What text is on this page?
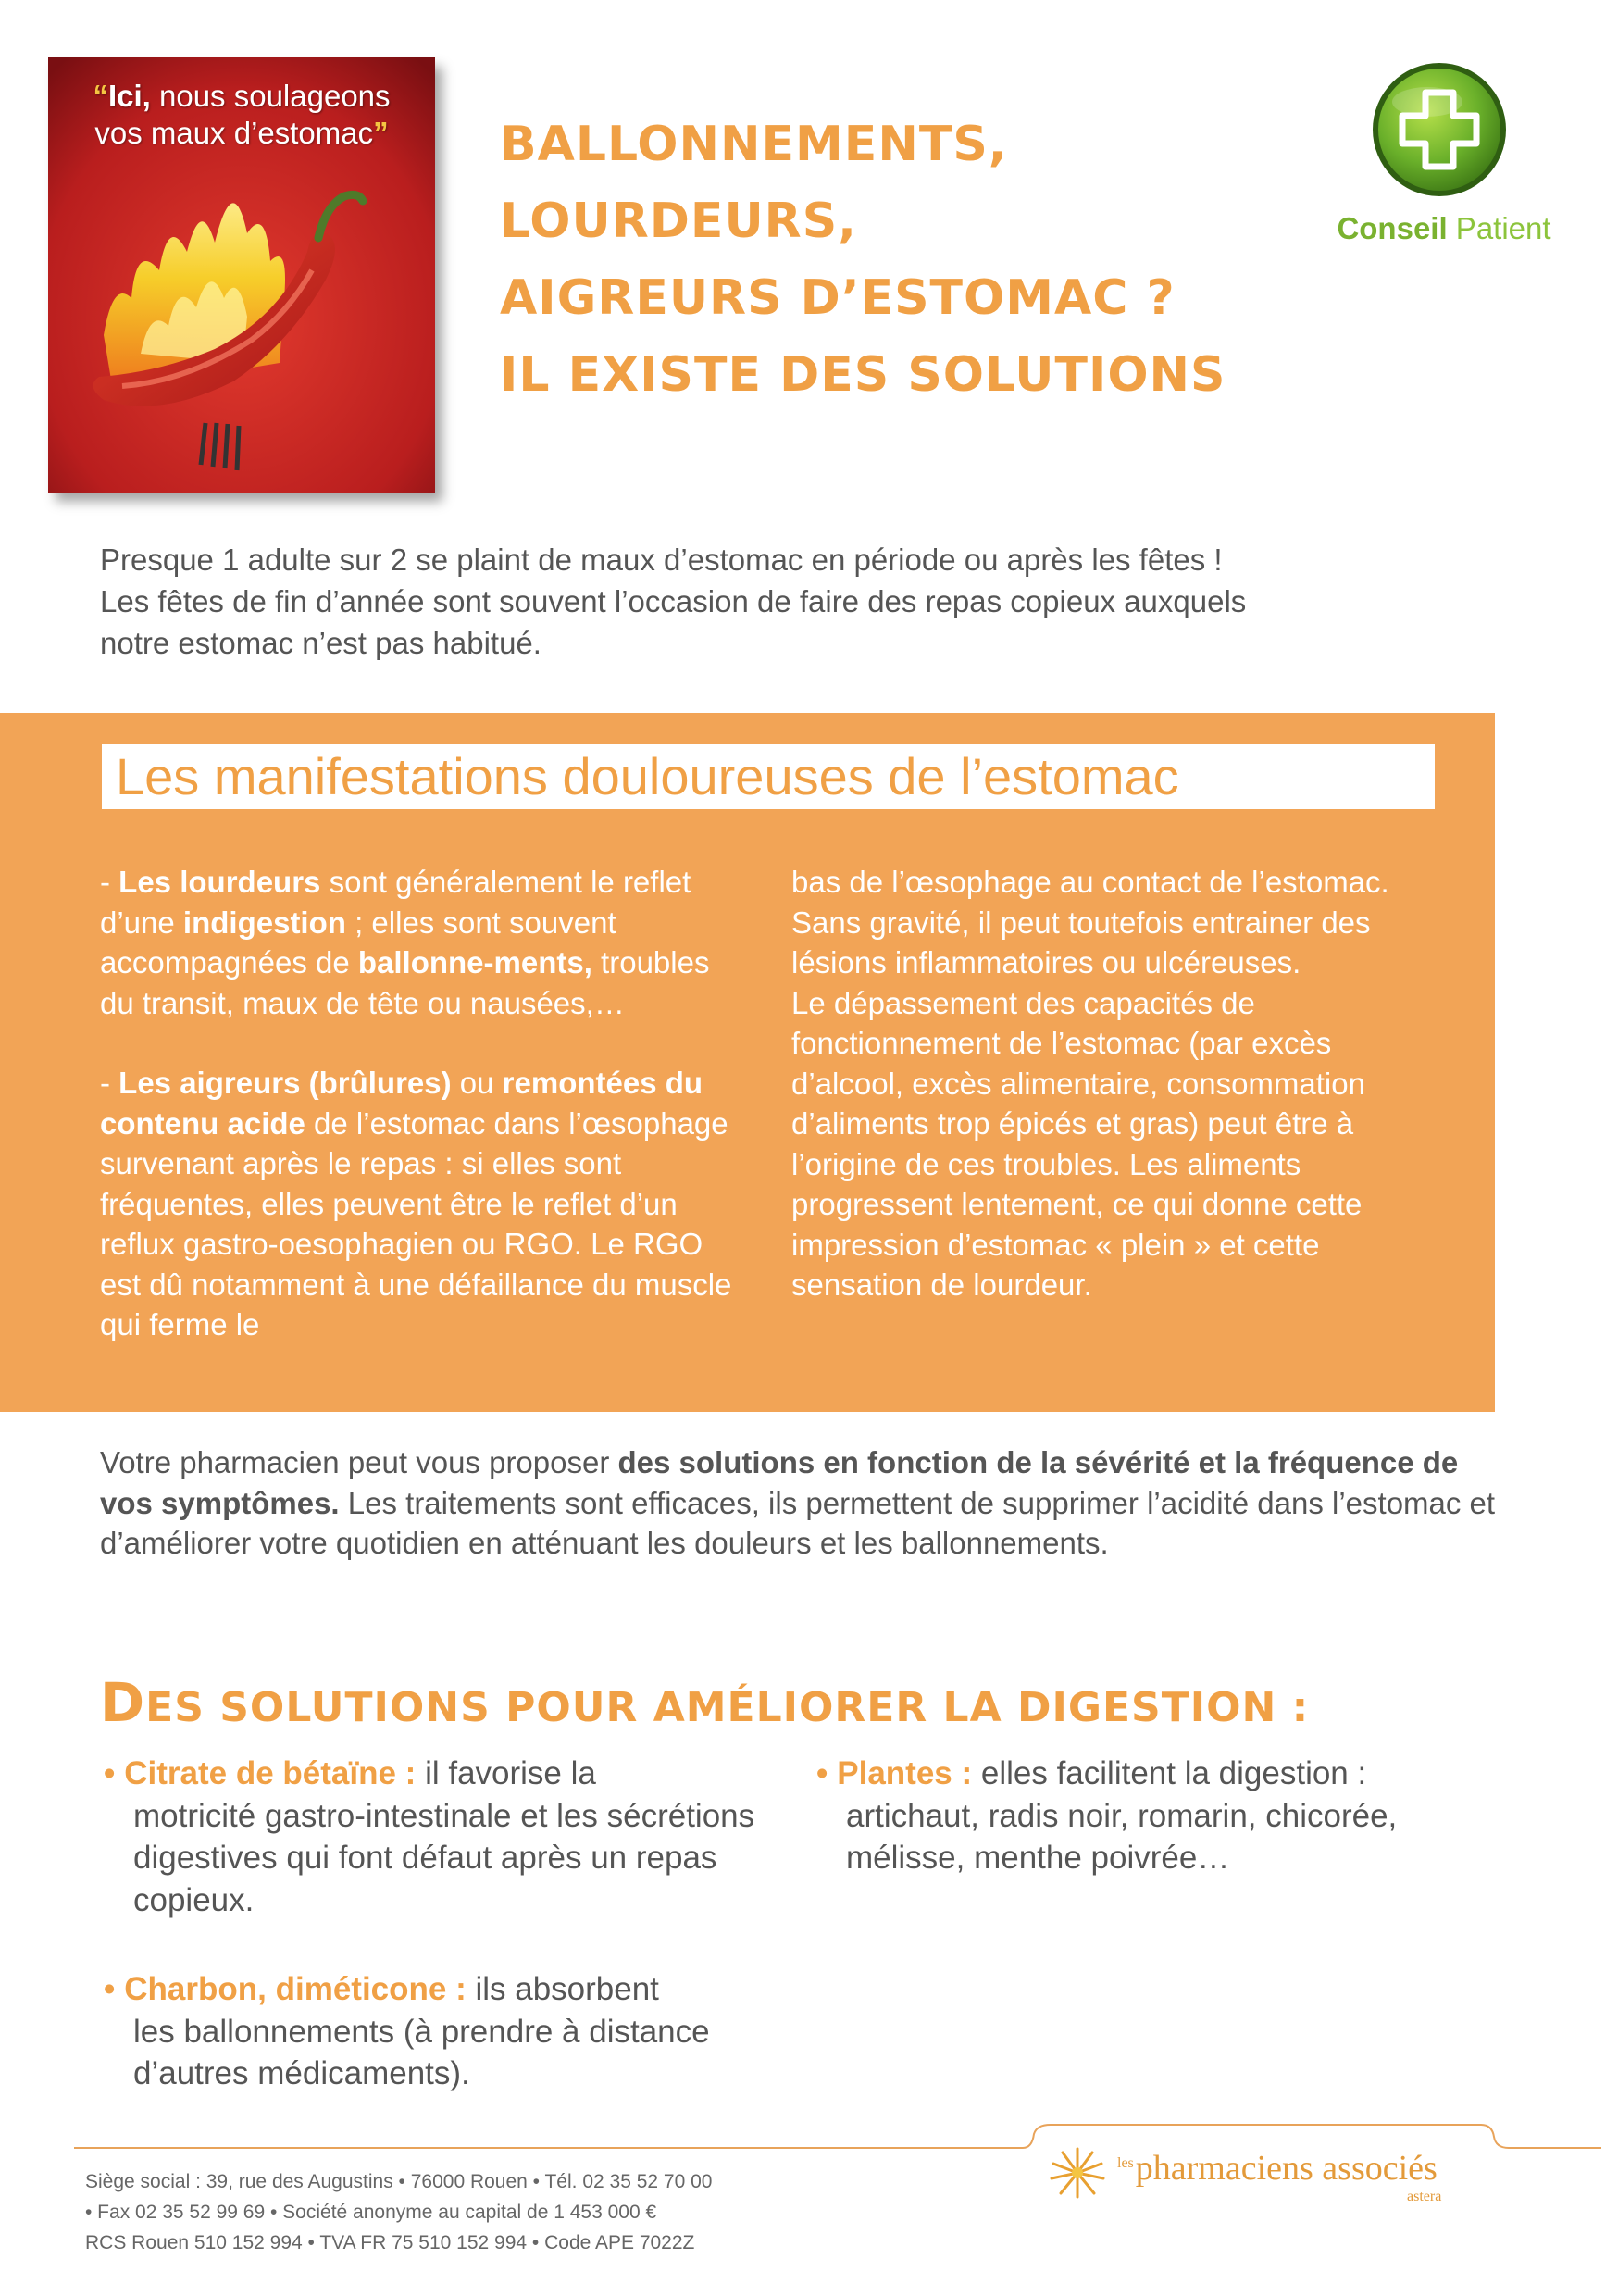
“Ici, nous soulageons
vos maux d’estomac”	BALLONNEMENTS,
LOURDEURS,
AIGREURS D’ESTOMAC ?
IL EXISTE DES SOLUTIONS
Conseil Patient
Presque 1 adulte sur 2 se plaint de maux d’estomac en période ou après les fêtes !
Les fêtes de fin d’année sont souvent l’occasion de faire des repas copieux auxquels
notre estomac n’est pas habitué.
Les manifestations douloureuses de l’estomac

- Les lourdeurs sont généralement le reflet d’une indigestion ; elles sont souvent accompagnées de ballonne-ments, troubles du transit, maux de tête ou nausées,…

- Les aigreurs (brûlures) ou remontées du contenu acide de l’estomac dans l’œsophage survenant après le repas : si elles sont fréquentes, elles peuvent être le reflet d’un reflux gastro-oesophagien ou RGO. Le RGO est dû notamment à une défaillance du muscle qui ferme le

bas de l’œsophage au contact de l’estomac. Sans gravité, il peut toutefois entrainer des lésions inflammatoires ou ulcéreuses.

Le dépassement des capacités de fonctionnement de l’estomac (par excès d’alcool, excès alimentaire, consommation d’aliments trop épicés et gras) peut être à l’origine de ces troubles. Les aliments progressent lentement, ce qui donne cette impression d’estomac « plein » et cette sensation de lourdeur.

Votre pharmacien peut vous proposer des solutions en fonction de la sévérité et la fréquence de vos symptômes. Les traitements sont efficaces, ils permettent de supprimer l’acidité dans l’estomac et d’améliorer votre quotidien en atténuant les douleurs et les ballonnements.
DES SOLUTIONS POUR AMÉLIORER LA DIGESTION :
• Citrate de bétaïne : il favorise la
motricité gastro-intestinale et les sécrétions digestives qui font défaut après un repas copieux.
• Charbon, diméticone : ils absorbent
les ballonnements (à prendre à distance d’autres médicaments).
• Plantes : elles facilitent la digestion :
artichaut, radis noir, romarin, chicorée, mélisse, menthe poivrée…
Siège social : 39, rue des Augustins • 76000 Rouen • Tél. 02 35 52 70 00
• Fax 02 35 52 99 69 • Société anonyme au capital de 1 453 000 €
RCS Rouen 510 152 994 • TVA FR 75 510 152 994 • Code APE 7022Z
$^{les}$pharmaciens associés
astera
